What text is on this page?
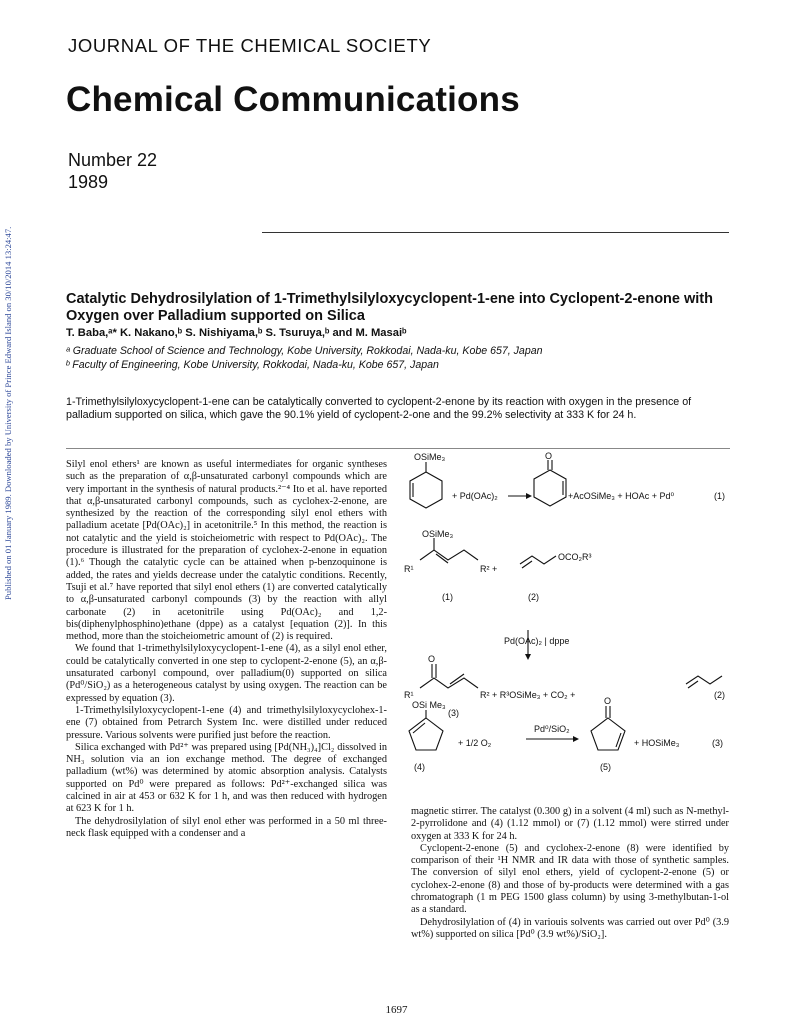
Published on 01 January 1989. Downloaded by University of Prince Edward Island on 30/10/2014 13:24:47.
JOURNAL OF THE CHEMICAL SOCIETY
Chemical Communications
Number 22
1989
Catalytic Dehydrosilylation of 1-Trimethylsilyloxycyclopent-1-ene into Cyclopent-2-enone with Oxygen over Palladium supported on Silica
T. Baba,ᵃ* K. Nakano,ᵇ S. Nishiyama,ᵇ S. Tsuruya,ᵇ and M. Masaiᵇ
ᵃ Graduate School of Science and Technology, Kobe University, Rokkodai, Nada-ku, Kobe 657, Japan
ᵇ Faculty of Engineering, Kobe University, Rokkodai, Nada-ku, Kobe 657, Japan
1-Trimethylsilyloxycyclopent-1-ene can be catalytically converted to cyclopent-2-enone by its reaction with oxygen in the presence of palladium supported on silica, which gave the 90.1% yield of cyclopent-2-one and the 99.2% selectivity at 333 K for 24 h.

Silyl enol ethers¹ are known as useful intermediates for organic syntheses such as the preparation of α,β-unsaturated carbonyl compounds which are very important in the synthesis of natural products.²⁻⁴ Ito et al. have reported that α,β-unsaturated carbonyl compounds, such as cyclohex-2-enone, are synthesized by the reaction of the corresponding silyl enol ethers with palladium acetate [Pd(OAc)₂] in acetonitrile.⁵ In this method, the reaction is not catalytic and the yield is stoicheiometric with respect to Pd(OAc)₂. The procedure is illustrated for the preparation of cyclohex-2-enone in equation (1).⁶ Though the catalytic cycle can be attained when p-benzoquinone is added, the rates and yields decrease under the catalytic conditions. Recently, Tsuji et al.⁷ have reported that silyl enol ethers (1) are converted catalytically to α,β-unsaturated carbonyl compounds (3) by the reaction with allyl carbonate (2) in acetonitrile using Pd(OAc)₂ and 1,2-bis(diphenylphosphino)ethane (dppe) as a catalyst [equation (2)]. In this method, more than the stoicheiometric amount of (2) is required.

We found that 1-trimethylsilyloxycyclopent-1-ene (4), as a silyl enol ether, could be catalytically converted in one step to cyclopent-2-enone (5), an α,β-unsaturated carbonyl compound, over palladium(0) supported on silica (Pd⁰/SiO₂) as a heterogeneous catalyst by using oxygen. The reaction can be expressed by equation (3).

1-Trimethylsilyloxycyclopent-1-ene (4) and trimethylsilyloxycyclohex-1-ene (7) obtained from Petrarch System Inc. were distilled under reduced pressure. Various solvents were purified just before the reaction.

Silica exchanged with Pd²⁺ was prepared using [Pd(NH₃)₄]Cl₂ dissolved in NH₃ solution via an ion exchange method. The degree of exchanged palladium (wt%) was determined by atomic absorption analysis. Catalysts supported on Pd⁰ were prepared as follows: Pd²⁺-exchanged silica was calcined in air at 453 or 632 K for 1 h, and was then reduced with hydrogen at 623 K for 1 h.

The dehydrosilylation of silyl enol ether was performed in a 50 ml three-neck flask equipped with a condenser and a

OSiMe₃	O
+ Pd(OAc)₂	+AcOSiMe₃ + HOAc + Pd⁰	(1)
OSiMe₃
R¹	R² +
OCO₂R³
(1)	(2)
Pd(OAc)₂ | dppe
O
R¹	R² + R³OSiMe₃ + CO₂ +	(2)
(3)
OSi Me₃
+ 1/2 O₂
Pd⁰/SiO₂
O
+ HOSiMe₃	(3)
(4)	(5)

magnetic stirrer. The catalyst (0.300 g) in a solvent (4 ml) such as N-methyl-2-pyrrolidone and (4) (1.12 mmol) or (7) (1.12 mmol) were stirred under oxygen at 333 K for 24 h.

Cyclopent-2-enone (5) and cyclohex-2-enone (8) were identified by comparison of their ¹H NMR and IR data with those of synthetic samples. The conversion of silyl enol ethers, yield of cyclopent-2-enone (5) or cyclohex-2-enone (8) and those of by-products were determined with a gas chromatograph (1 m PEG 1500 glass column) by using 3-methylbutan-1-ol as a standard.

Dehydrosilylation of (4) in variouis solvents was carried out over Pd⁰ (3.9 wt%) supported on silica [Pd⁰ (3.9 wt%)/SiO₂].

1697
